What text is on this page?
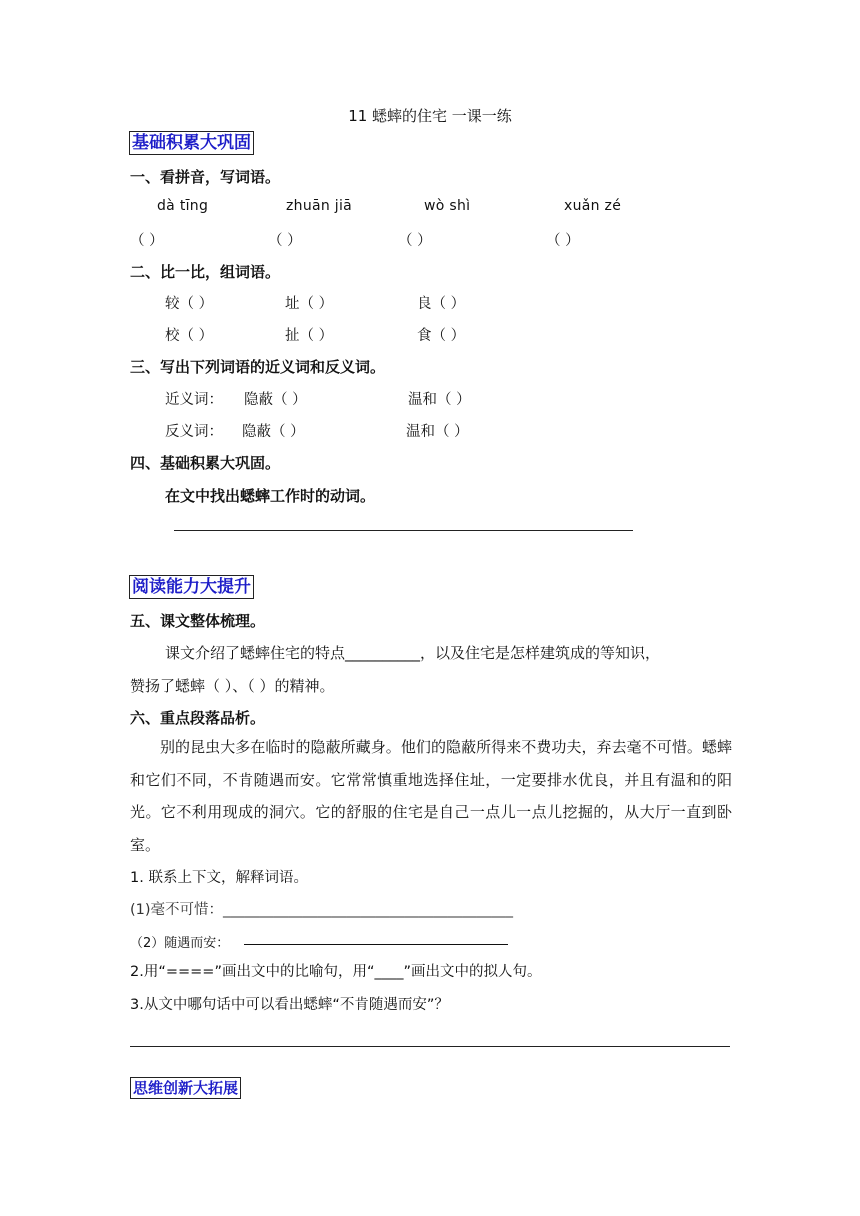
11 蟋蟀的住宅 一课一练
基础积累大巩固
一、看拼音，写词语。
dà tīng	zhuān jiā	wò shì	xuǎn zé
（ ）	（ ）	（ ）	（ ）
二、比一比，组词语。
较（ ）	址（ ）	良（ ）
校（ ）	扯（ ）	食（ ）
三、写出下列词语的近义词和反义词。
近义词： 隐蔽（ ）	温和（ ）
反义词： 隐蔽（ ）	温和（ ）
四、基础积累大巩固。
在文中找出蟋蟀工作时的动词。
阅读能力大提升
五、课文整体梳理。
课文介绍了蟋蟀住宅的特点__________，以及住宅是怎样建筑成的等知识，
赞扬了蟋蟀（ ）、（ ）的精神。
六、重点段落品析。
别的昆虫大多在临时的隐蔽所藏身。他们的隐蔽所得来不费功夫，弃去毫不可惜。蟋蟀和它们不同，不肯随遇而安。它常常慎重地选择住址，一定要排水优良，并且有温和的阳光。它不利用现成的洞穴。它的舒服的住宅是自己一点儿一点儿挖掘的，从大厅一直到卧室。
1. 联系上下文，解释词语。
(1)毫不可惜：________________________________________
（2）随遇而安：
2.用“====”画出文中的比喻句，用“____”画出文中的拟人句。
3.从文中哪句话中可以看出蟋蟀“不肯随遇而安”？
思维创新大拓展
